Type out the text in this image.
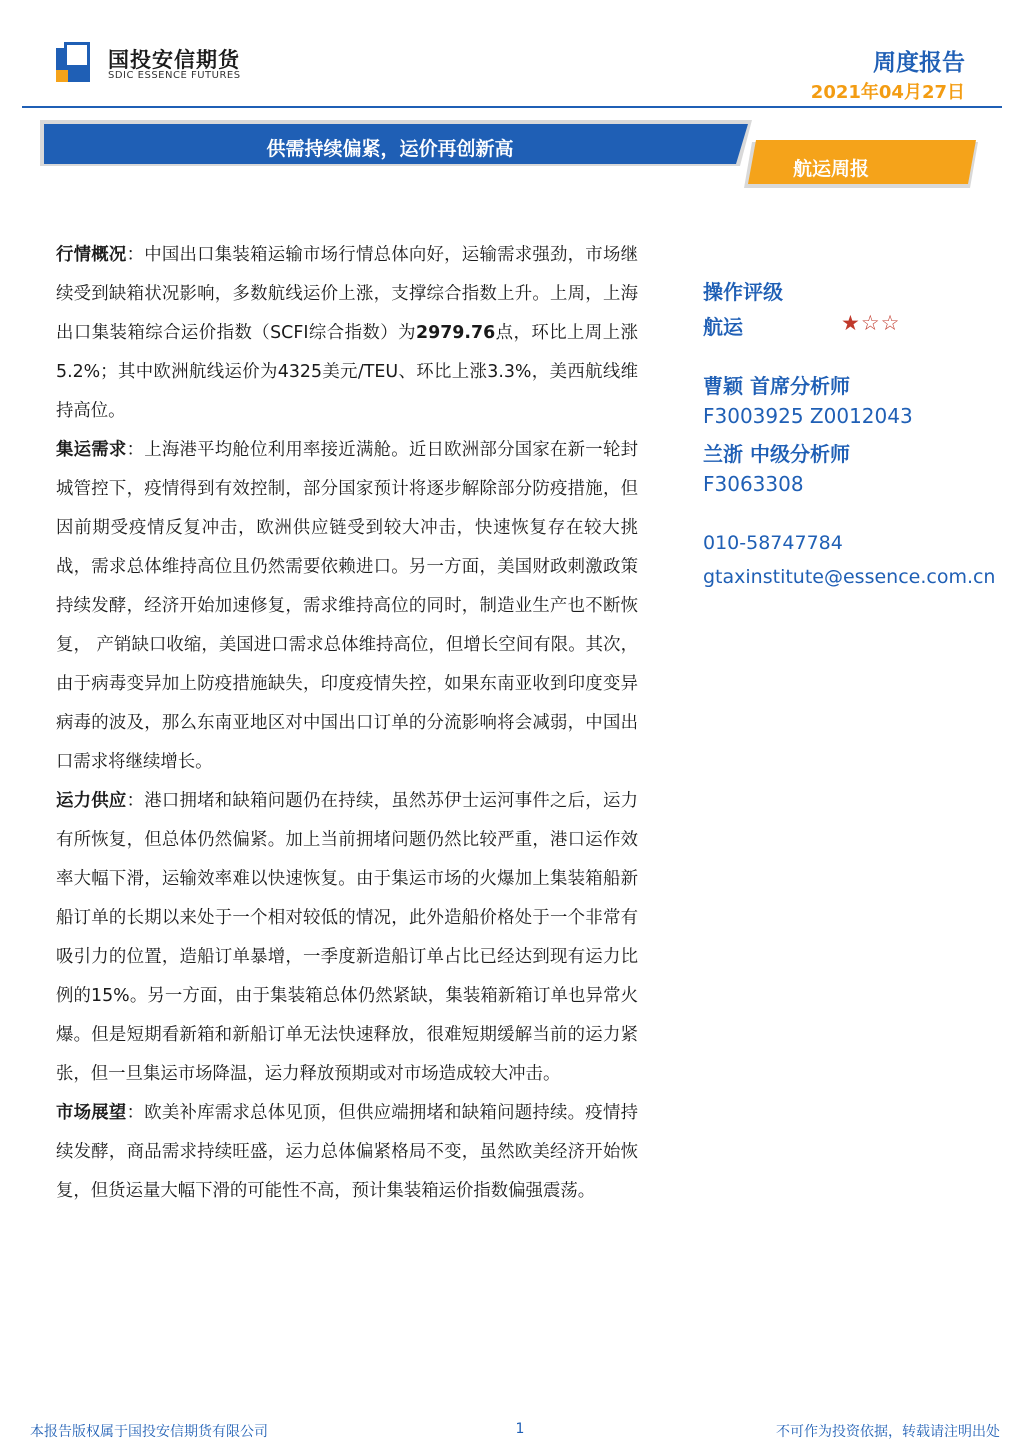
国投安信期货
SDIC ESSENCE FUTURES	周度报告
2021年04月27日
供需持续偏紧，运价再创新高
航运周报

行情概况：中国出口集装箱运输市场行情总体向好，运输需求强劲，市场继续受到缺箱状况影响，多数航线运价上涨，支撑综合指数上升。上周，上海出口集装箱综合运价指数（SCFI综合指数）为2979.76点，环比上周上涨5.2%；其中欧洲航线运价为4325美元/TEU、环比上涨3.3%，美西航线维持高位。

集运需求：上海港平均舱位利用率接近满舱。近日欧洲部分国家在新一轮封城管控下，疫情得到有效控制，部分国家预计将逐步解除部分防疫措施，但因前期受疫情反复冲击，欧洲供应链受到较大冲击，快速恢复存在较大挑战，需求总体维持高位且仍然需要依赖进口。另一方面，美国财政刺激政策持续发酵，经济开始加速修复，需求维持高位的同时，制造业生产也不断恢复， 产销缺口收缩，美国进口需求总体维持高位，但增长空间有限。其次，由于病毒变异加上防疫措施缺失，印度疫情失控，如果东南亚收到印度变异病毒的波及，那么东南亚地区对中国出口订单的分流影响将会减弱，中国出口需求将继续增长。

运力供应：港口拥堵和缺箱问题仍在持续，虽然苏伊士运河事件之后，运力有所恢复，但总体仍然偏紧。加上当前拥堵问题仍然比较严重，港口运作效率大幅下滑，运输效率难以快速恢复。由于集运市场的火爆加上集装箱船新船订单的长期以来处于一个相对较低的情况，此外造船价格处于一个非常有吸引力的位置，造船订单暴增，一季度新造船订单占比已经达到现有运力比例的15%。另一方面，由于集装箱总体仍然紧缺，集装箱新箱订单也异常火爆。但是短期看新箱和新船订单无法快速释放，很难短期缓解当前的运力紧张，但一旦集运市场降温，运力释放预期或对市场造成较大冲击。

市场展望：欧美补库需求总体见顶，但供应端拥堵和缺箱问题持续。疫情持续发酵，商品需求持续旺盛，运力总体偏紧格局不变，虽然欧美经济开始恢复，但货运量大幅下滑的可能性不高，预计集装箱运价指数偏强震荡。

操作评级
航运	★☆☆
曹颖 首席分析师
F3003925 Z0012043
兰浙 中级分析师
F3063308
010-58747784
gtaxinstitute@essence.com.cn
本报告版权属于国投安信期货有限公司	1	不可作为投资依据，转载请注明出处
